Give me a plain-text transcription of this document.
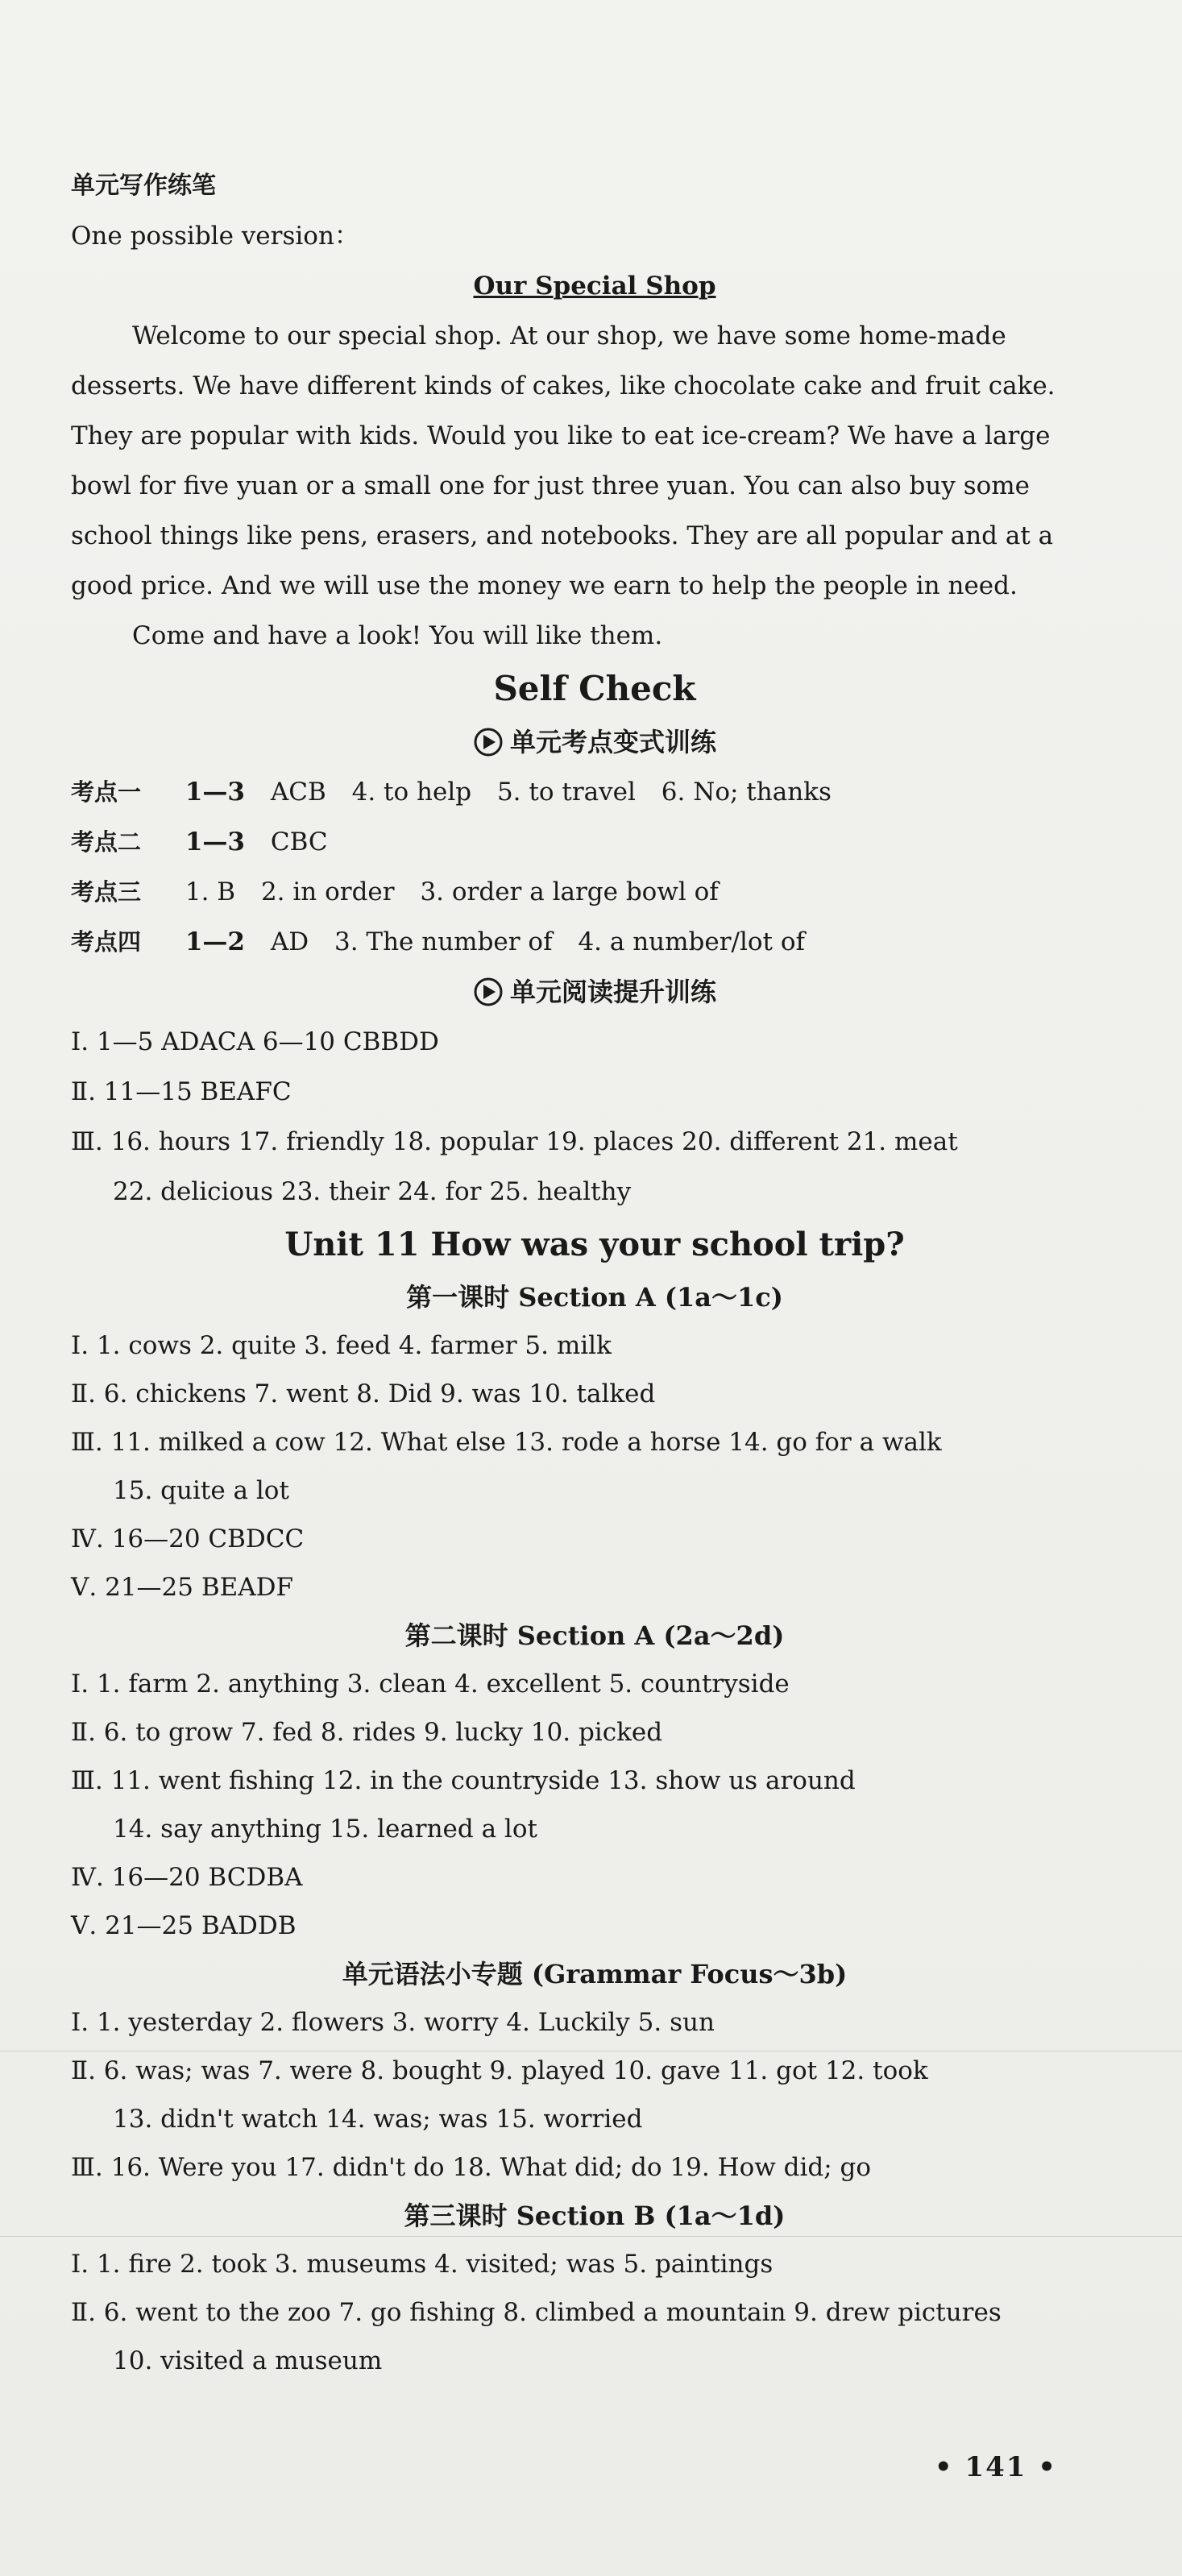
单元写作练笔
One possible version：
Our Special Shop
Welcome to our special shop. At our shop, we have some home-made
desserts. We have different kinds of cakes, like chocolate cake and fruit cake.
They are popular with kids. Would you like to eat ice-cream? We have a large
bowl for five yuan or a small one for just three yuan. You can also buy some
school things like pens, erasers, and notebooks. They are all popular and at a
good price. And we will use the money we earn to help the people in need.
Come and have a look! You will like them.
Self Check
单元考点变式训练
考点一 1—3 ACB 4. to help 5. to travel 6. No; thanks
考点二 1—3 CBC
考点三 1. B 2. in order 3. order a large bowl of
考点四 1—2 AD 3. The number of 4. a number/lot of
单元阅读提升训练
Ⅰ. 1—5 ADACA 6—10 CBBDD
Ⅱ. 11—15 BEAFC
Ⅲ. 16. hours 17. friendly 18. popular 19. places 20. different 21. meat
22. delicious 23. their 24. for 25. healthy
Unit 11 How was your school trip?
第一课时 Section A (1a～1c)
Ⅰ. 1. cows 2. quite 3. feed 4. farmer 5. milk
Ⅱ. 6. chickens 7. went 8. Did 9. was 10. talked
Ⅲ. 11. milked a cow 12. What else 13. rode a horse 14. go for a walk
15. quite a lot
Ⅳ. 16—20 CBDCC
Ⅴ. 21—25 BEADF
第二课时 Section A (2a～2d)
Ⅰ. 1. farm 2. anything 3. clean 4. excellent 5. countryside
Ⅱ. 6. to grow 7. fed 8. rides 9. lucky 10. picked
Ⅲ. 11. went fishing 12. in the countryside 13. show us around
14. say anything 15. learned a lot
Ⅳ. 16—20 BCDBA
Ⅴ. 21—25 BADDB
单元语法小专题 (Grammar Focus～3b)
Ⅰ. 1. yesterday 2. flowers 3. worry 4. Luckily 5. sun
Ⅱ. 6. was; was 7. were 8. bought 9. played 10. gave 11. got 12. took
13. didn't watch 14. was; was 15. worried
Ⅲ. 16. Were you 17. didn't do 18. What did; do 19. How did; go
第三课时 Section B (1a～1d)
Ⅰ. 1. fire 2. took 3. museums 4. visited; was 5. paintings
Ⅱ. 6. went to the zoo 7. go fishing 8. climbed a mountain 9. drew pictures
10. visited a museum
• 141 •
